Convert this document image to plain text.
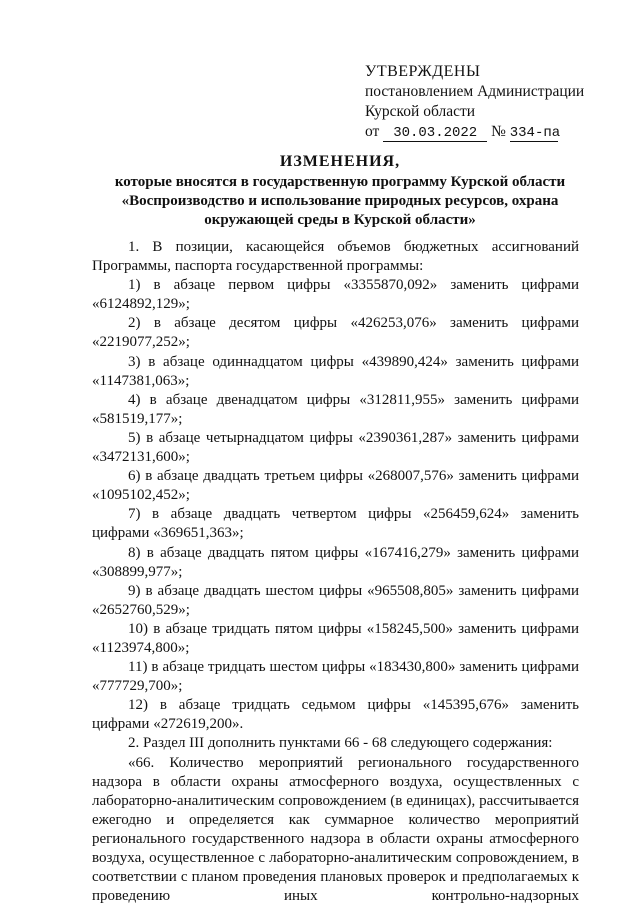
УТВЕРЖДЕНЫ
постановлением Администрации
Курской области
от 30.03.2022 № 334-па
ИЗМЕНЕНИЯ,
которые вносятся в государственную программу Курской области
«Воспроизводство и использование природных ресурсов, охрана
окружающей среды в Курской области»

1. В позиции, касающейся объемов бюджетных ассигнований Программы, паспорта государственной программы:

1) в абзаце первом цифры «3355870,092» заменить цифрами «6124892,129»;

2) в абзаце десятом цифры «426253,076» заменить цифрами «2219077,252»;

3) в абзаце одиннадцатом цифры «439890,424» заменить цифрами «1147381,063»;

4) в абзаце двенадцатом цифры «312811,955» заменить цифрами «581519,177»;

5) в абзаце четырнадцатом цифры «2390361,287» заменить цифрами «3472131,600»;

6) в абзаце двадцать третьем цифры «268007,576» заменить цифрами «1095102,452»;

7) в абзаце двадцать четвертом цифры «256459,624» заменить цифрами «369651,363»;

8) в абзаце двадцать пятом цифры «167416,279» заменить цифрами «308899,977»;

9) в абзаце двадцать шестом цифры «965508,805» заменить цифрами «2652760,529»;

10) в абзаце тридцать пятом цифры «158245,500» заменить цифрами «1123974,800»;

11) в абзаце тридцать шестом цифры «183430,800» заменить цифрами «777729,700»;

12) в абзаце тридцать седьмом цифры «145395,676» заменить цифрами «272619,200».

2. Раздел III дополнить пунктами 66 - 68 следующего содержания:

«66. Количество мероприятий регионального государственного надзора в области охраны атмосферного воздуха, осуществленных с лабораторно-аналитическим сопровождением (в единицах), рассчитывается ежегодно и определяется как суммарное количество мероприятий регионального государственного надзора в области охраны атмосферного воздуха, осуществленное с лабораторно-аналитическим сопровождением, в соответствии с планом проведения плановых проверок и предполагаемых к проведению иных контрольно-надзорных
